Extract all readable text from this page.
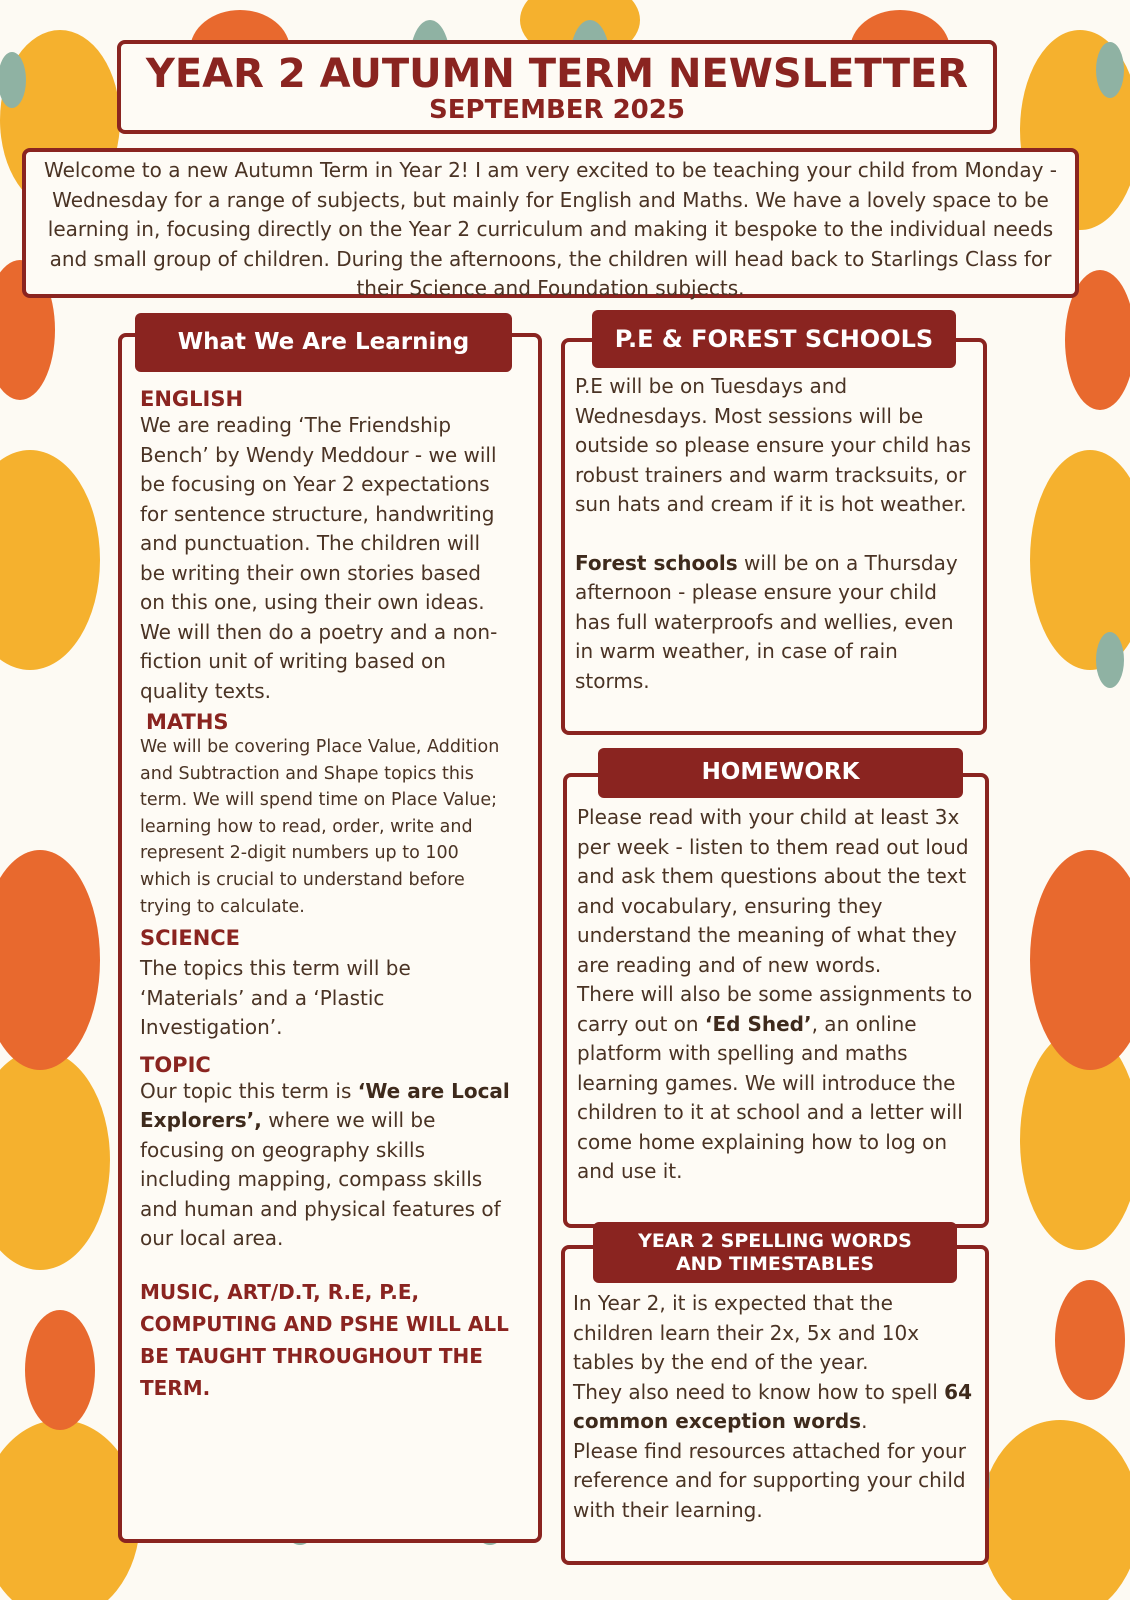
YEAR 2 AUTUMN TERM NEWSLETTER
SEPTEMBER 2025

Welcome to a new Autumn Term in Year 2! I am very excited to be teaching your child from Monday - Wednesday for a range of subjects, but mainly for English and Maths. We have a lovely space to be learning in, focusing directly on the Year 2 curriculum and making it bespoke to the individual needs and small group of children. During the afternoons, the children will head back to Starlings Class for their Science and Foundation subjects.

ENGLISH

We are reading ‘The Friendship Bench’ by Wendy Meddour - we will be focusing on Year 2 expectations for sentence structure, handwriting and punctuation. The children will be writing their own stories based on this one, using their own ideas. We will then do a poetry and a non-fiction unit of writing based on quality texts.

MATHS

We will be covering Place Value, Addition and Subtraction and Shape topics this term. We will spend time on Place Value; learning how to read, order, write and represent 2-digit numbers up to 100 which is crucial to understand before trying to calculate.

SCIENCE

The topics this term will be ‘Materials’ and a ‘Plastic Investigation’.

TOPIC

Our topic this term is ‘We are Local Explorers’, where we will be focusing on geography skills including mapping, compass skills and human and physical features of our local area.

MUSIC, ART/D.T, R.E, P.E, COMPUTING AND PSHE WILL ALL BE TAUGHT THROUGHOUT THE TERM.

What We Are Learning

P.E will be on Tuesdays and Wednesdays. Most sessions will be outside so please ensure your child has robust trainers and warm tracksuits, or sun hats and cream if it is hot weather.

Forest schools will be on a Thursday afternoon - please ensure your child has full waterproofs and wellies, even in warm weather, in case of rain storms.

P.E & FOREST SCHOOLS

Please read with your child at least 3x per week - listen to them read out loud and ask them questions about the text and vocabulary, ensuring they understand the meaning of what they are reading and of new words.

There will also be some assignments to carry out on ‘Ed Shed’, an online platform with spelling and maths learning games. We will introduce the children to it at school and a letter will come home explaining how to log on and use it.

HOMEWORK

In Year 2, it is expected that the children learn their 2x, 5x and 10x tables by the end of the year.

They also need to know how to spell 64 common exception words.

Please find resources attached for your reference and for supporting your child with their learning.

YEAR 2 SPELLING WORDS
AND TIMESTABLES
